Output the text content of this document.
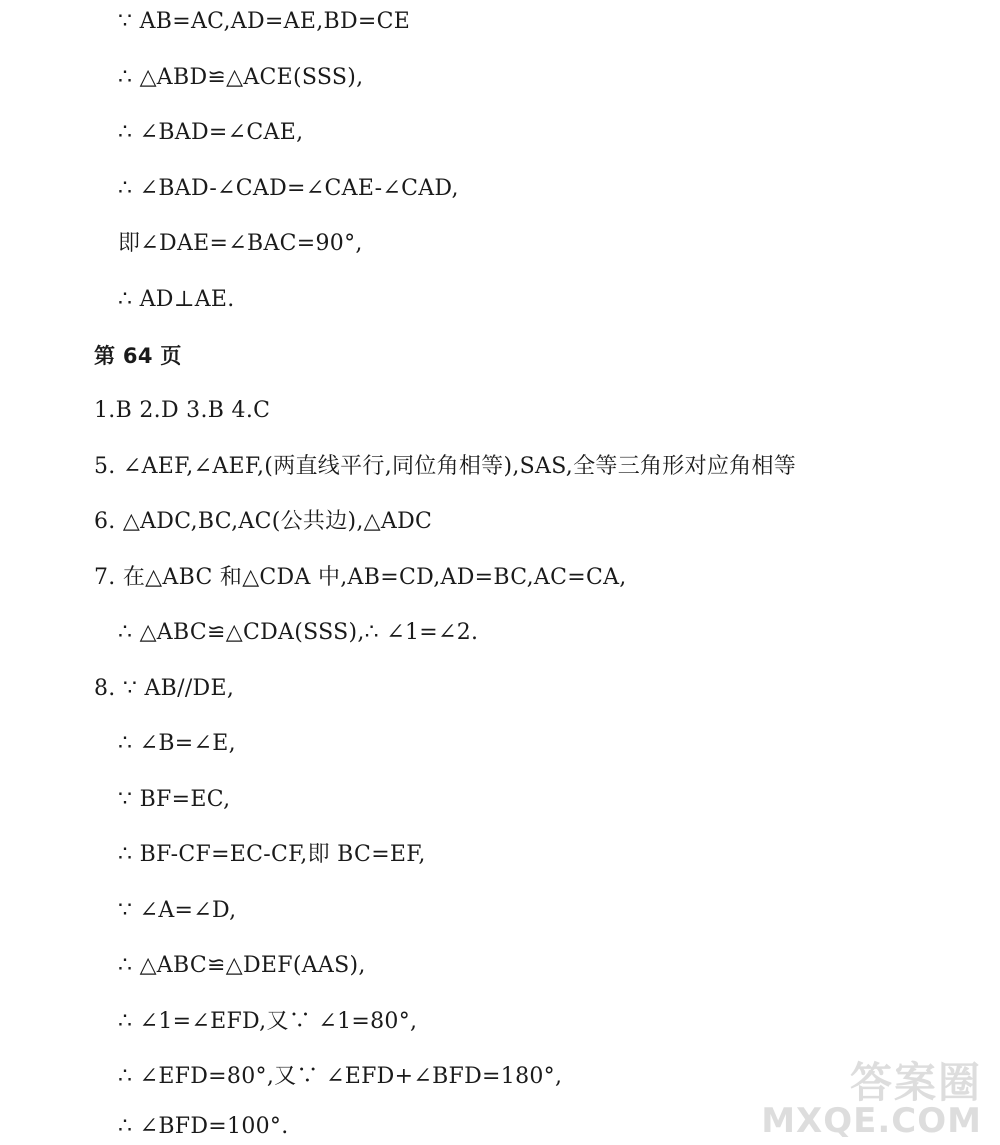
∵ AB=AC,AD=AE,BD=CE
∴ △ABD≌△ACE(SSS),
∴ ∠BAD=∠CAE,
∴ ∠BAD-∠CAD=∠CAE-∠CAD,
即∠DAE=∠BAC=90°,
∴ AD⊥AE.
第 64 页
1.B 2.D 3.B 4.C
5. ∠AEF,∠AEF,(两直线平行,同位角相等),SAS,全等三角形对应角相等
6. △ADC,BC,AC(公共边),△ADC
7. 在△ABC 和△CDA 中,AB=CD,AD=BC,AC=CA,
∴ △ABC≌△CDA(SSS),∴ ∠1=∠2.
8. ∵ AB//DE,
∴ ∠B=∠E,
∵ BF=EC,
∴ BF-CF=EC-CF,即 BC=EF,
∵ ∠A=∠D,
∴ △ABC≌△DEF(AAS),
∴ ∠1=∠EFD,又∵ ∠1=80°,
∴ ∠EFD=80°,又∵ ∠EFD+∠BFD=180°,
∴ ∠BFD=100°.
答案圈
MXQE.COM
